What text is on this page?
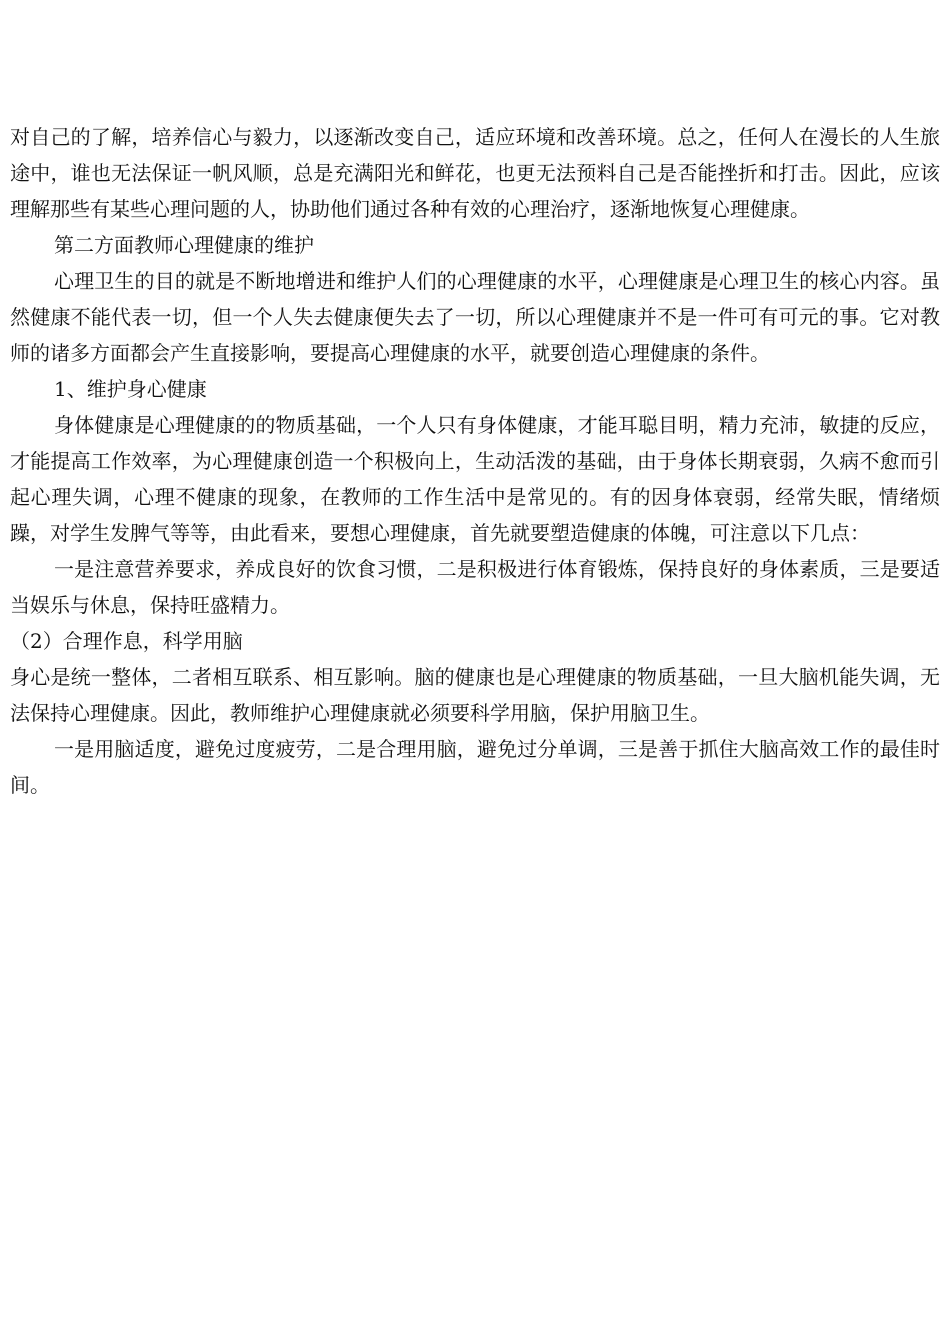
对自己的了解，培养信心与毅力，以逐渐改变自己，适应环境和改善环境。总之，任何人在漫长的人生旅途中，谁也无法保证一帆风顺，总是充满阳光和鲜花，也更无法预料自己是否能挫折和打击。因此，应该理解那些有某些心理问题的人，协助他们通过各种有效的心理治疗，逐渐地恢复心理健康。

第二方面教师心理健康的维护

心理卫生的目的就是不断地增进和维护人们的心理健康的水平，心理健康是心理卫生的核心内容。虽然健康不能代表一切，但一个人失去健康便失去了一切，所以心理健康并不是一件可有可元的事。它对教师的诸多方面都会产生直接影响，要提高心理健康的水平，就要创造心理健康的条件。

1、维护身心健康

身体健康是心理健康的的物质基础，一个人只有身体健康，才能耳聪目明，精力充沛，敏捷的反应，才能提高工作效率，为心理健康创造一个积极向上，生动活泼的基础，由于身体长期衰弱，久病不愈而引起心理失调，心理不健康的现象，在教师的工作生活中是常见的。有的因身体衰弱，经常失眠，情绪烦躁，对学生发脾气等等，由此看来，要想心理健康，首先就要塑造健康的体魄，可注意以下几点：

一是注意营养要求，养成良好的饮食习惯，二是积极进行体育锻炼，保持良好的身体素质，三是要适当娱乐与休息，保持旺盛精力。

（2）合理作息，科学用脑

身心是统一整体，二者相互联系、相互影响。脑的健康也是心理健康的物质基础，一旦大脑机能失调，无法保持心理健康。因此，教师维护心理健康就必须要科学用脑，保护用脑卫生。

一是用脑适度，避免过度疲劳，二是合理用脑，避免过分单调，三是善于抓住大脑高效工作的最佳时间。
